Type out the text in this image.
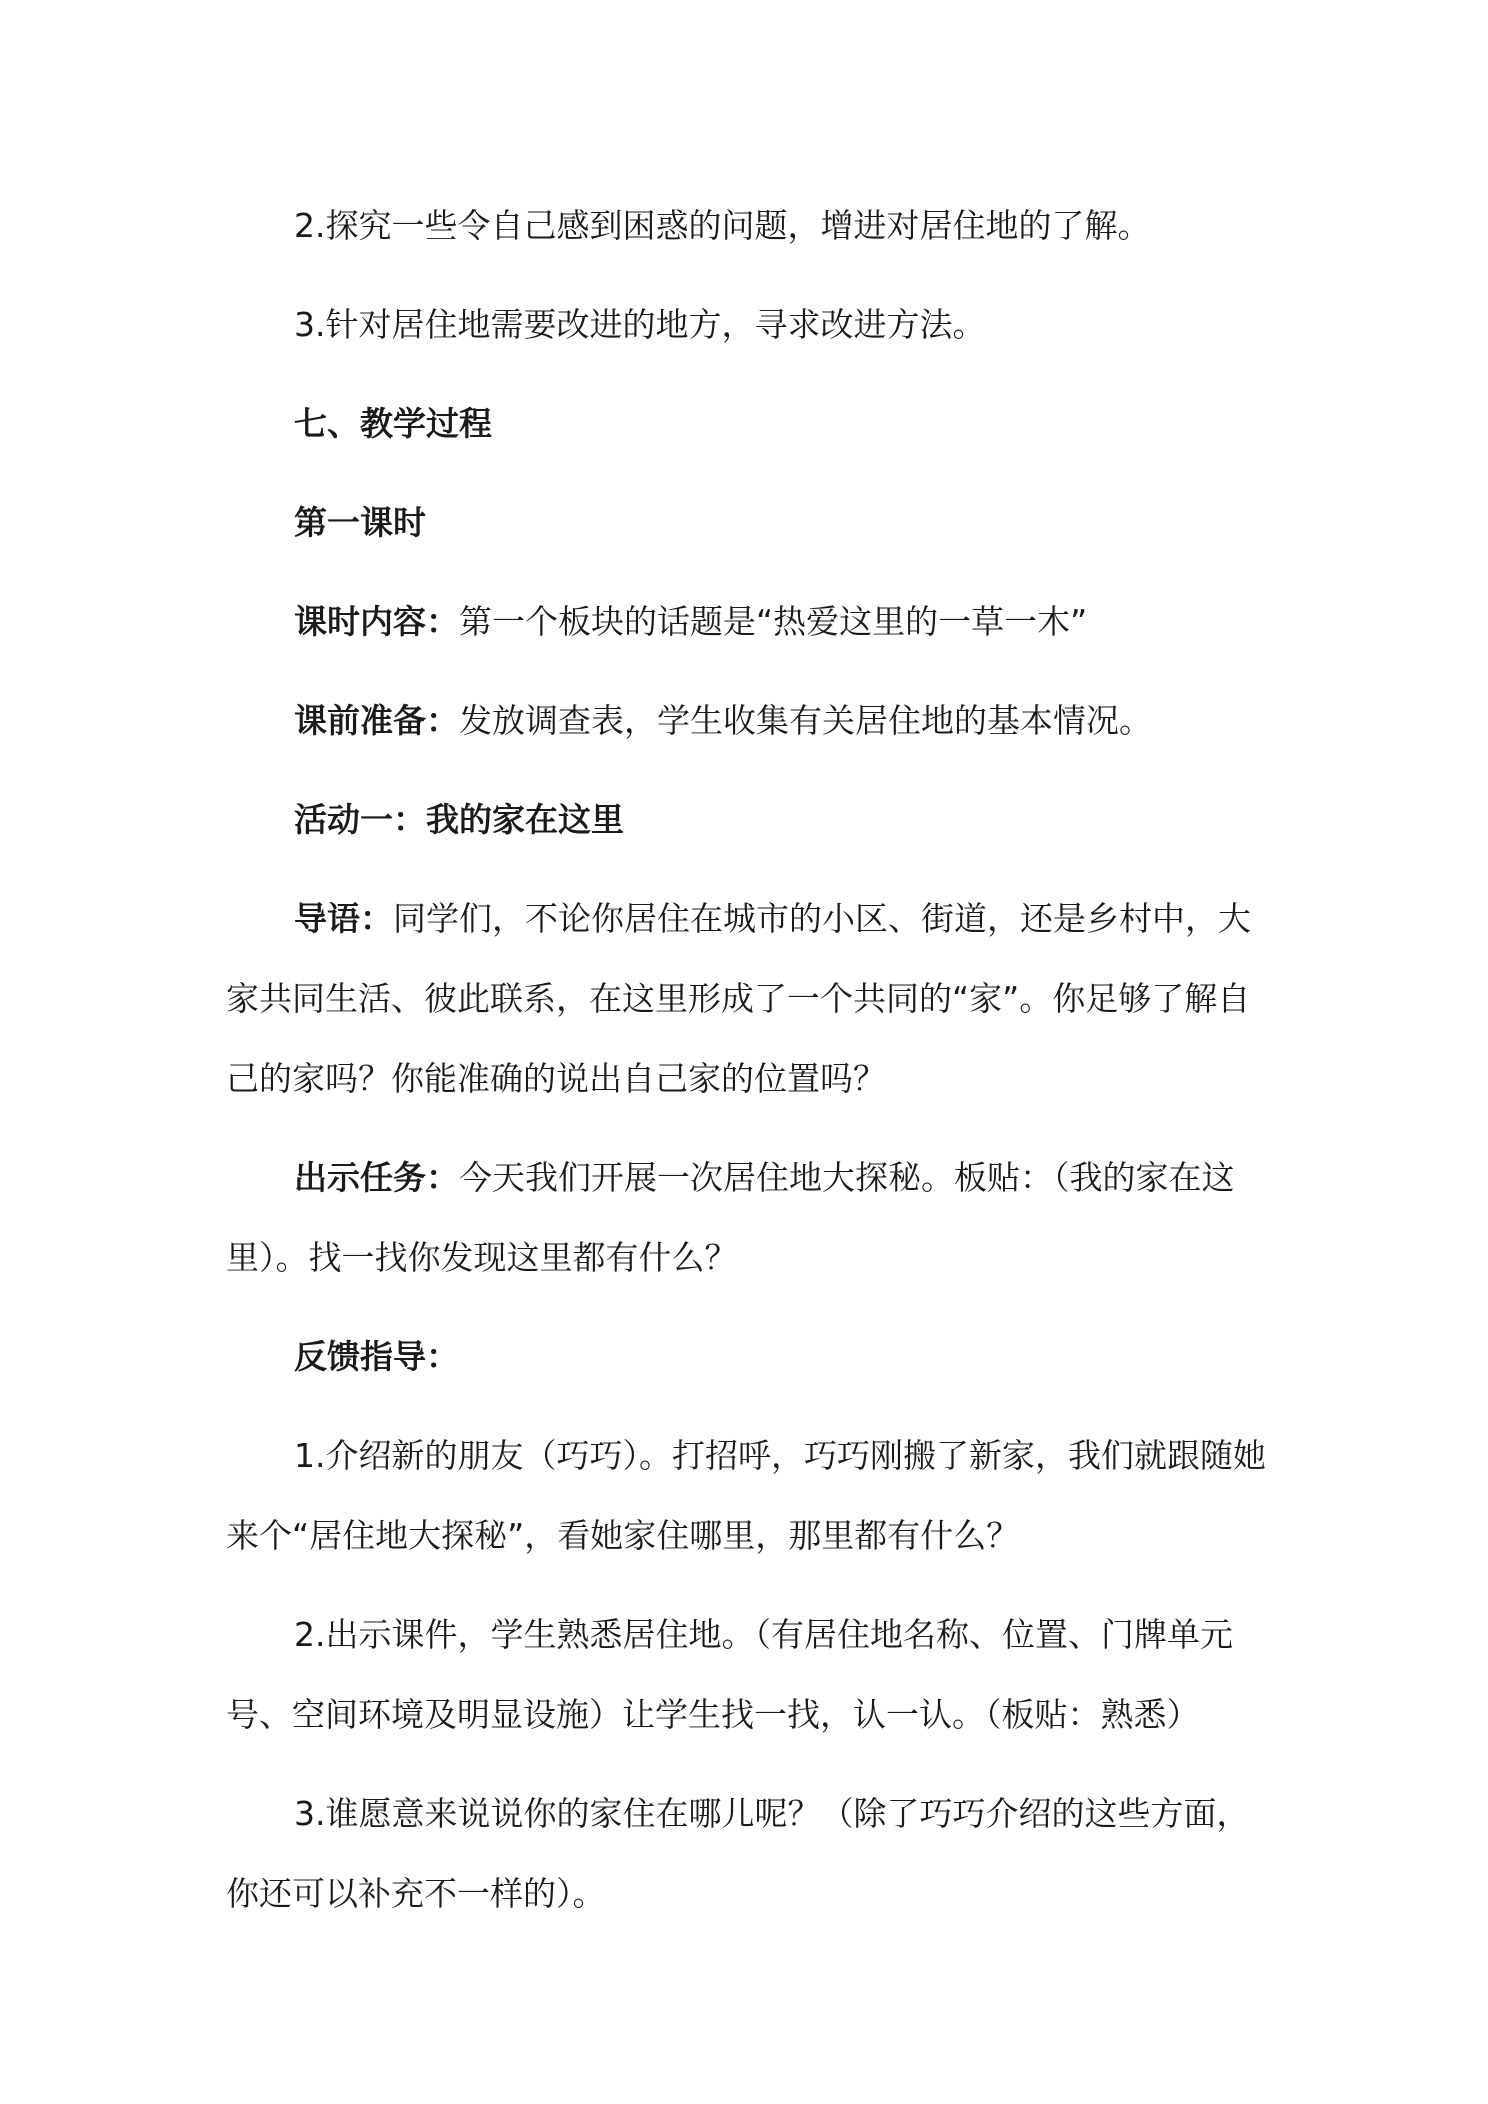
2.探究一些令自己感到困惑的问题，增进对居住地的了解。

3.针对居住地需要改进的地方，寻求改进方法。

七、教学过程

第一课时

课时内容：第一个板块的话题是“热爱这里的一草一木”

课前准备：发放调查表，学生收集有关居住地的基本情况。

活动一：我的家在这里

导语：同学们，不论你居住在城市的小区、街道，还是乡村中，大家共同生活、彼此联系，在这里形成了一个共同的“家”。你足够了解自己的家吗？你能准确的说出自己家的位置吗？

出示任务：今天我们开展一次居住地大探秘。板贴：（我的家在这里）。找一找你发现这里都有什么？

反馈指导：

1.介绍新的朋友（巧巧）。打招呼，巧巧刚搬了新家，我们就跟随她来个“居住地大探秘”，看她家住哪里，那里都有什么？

2.出示课件，学生熟悉居住地。（有居住地名称、位置、门牌单元号、空间环境及明显设施）让学生找一找，认一认。（板贴：熟悉）

3.谁愿意来说说你的家住在哪儿呢？（除了巧巧介绍的这些方面，你还可以补充不一样的）。
